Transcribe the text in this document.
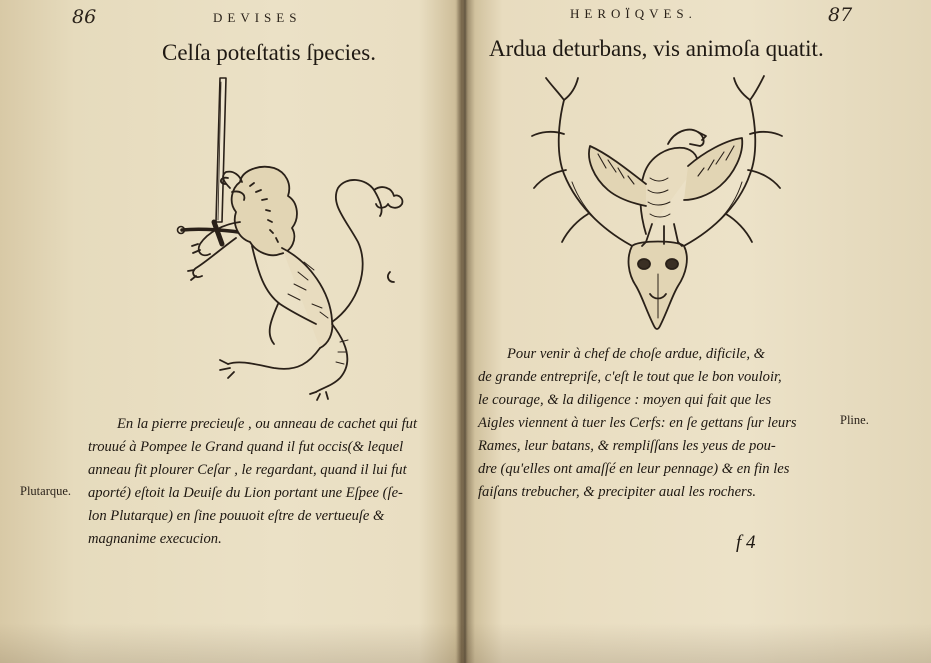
86	DEVISES
Celſa poteſtatis ſpecies.
En la pierre precieuſe , ou anneau de cachet qui fut
trouué à Pompee le Grand quand il fut occis(& lequel
anneau fit plourer Ceſar , le regardant, quand il lui fut
aporté) eſtoit la Deuiſe du Lion portant une Eſpee (ſe-
lon Plutarque) en ſine pouuoit eſtre de vertueuſe &
magnanime execucion.
Plutarque.
HEROÏQVES.	87
Ardua deturbans, vis animoſa quatit.
Pour venir à chef de choſe ardue, dificile, &
de grande entrepriſe, c'eſt le tout que le bon vouloir,
le courage, & la diligence : moyen qui fait que les
Aigles viennent à tuer les Cerfs: en ſe gettans ſur leurs
Rames, leur batans, & rempliſſans les yeus de pou-
dre (qu'elles ont amaſſé en leur pennage) & en fin les
faiſans trebucher, & precipiter aual les rochers.
Pline.
f 4
